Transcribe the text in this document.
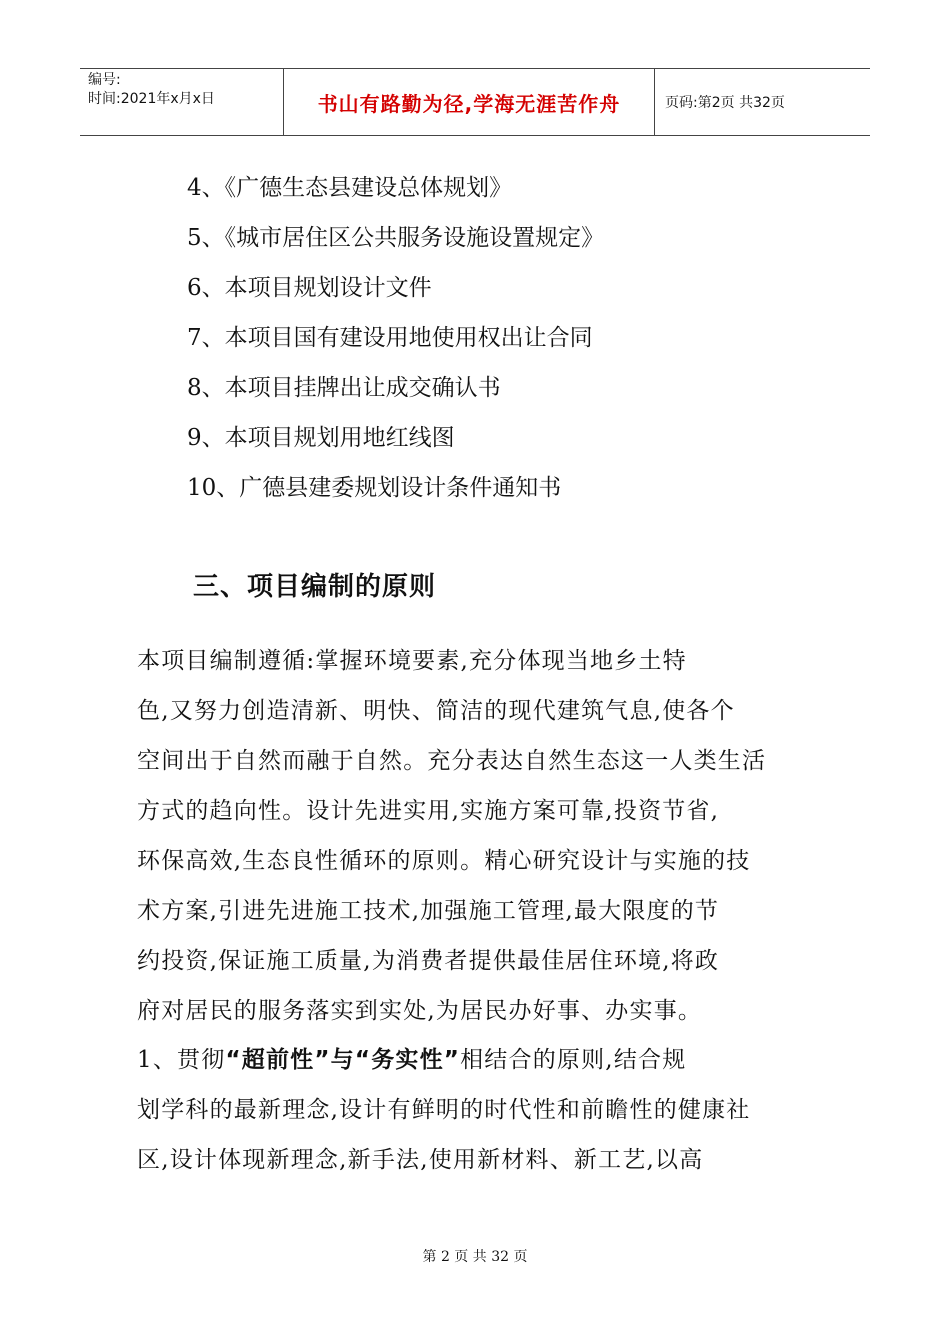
编号:
时间:2021年x月x日	书山有路勤为径,学海无涯苦作舟	页码:第2页 共32页
4、《广德生态县建设总体规划》
5、《城市居住区公共服务设施设置规定》
6、本项目规划设计文件
7、本项目国有建设用地使用权出让合同
8、本项目挂牌出让成交确认书
9、本项目规划用地红线图
10、广德县建委规划设计条件通知书
三、项目编制的原则
本项目编制遵循:掌握环境要素,充分体现当地乡土特
色,又努力创造清新、明快、简洁的现代建筑气息,使各个
空间出于自然而融于自然。充分表达自然生态这一人类生活
方式的趋向性。设计先进实用,实施方案可靠,投资节省,
环保高效,生态良性循环的原则。精心研究设计与实施的技
术方案,引进先进施工技术,加强施工管理,最大限度的节
约投资,保证施工质量,为消费者提供最佳居住环境,将政
府对居民的服务落实到实处,为居民办好事、办实事。
1、贯彻“超前性”与“务实性”相结合的原则,结合规
划学科的最新理念,设计有鲜明的时代性和前瞻性的健康社
区,设计体现新理念,新手法,使用新材料、新工艺,以高
第 2 页 共 32 页
